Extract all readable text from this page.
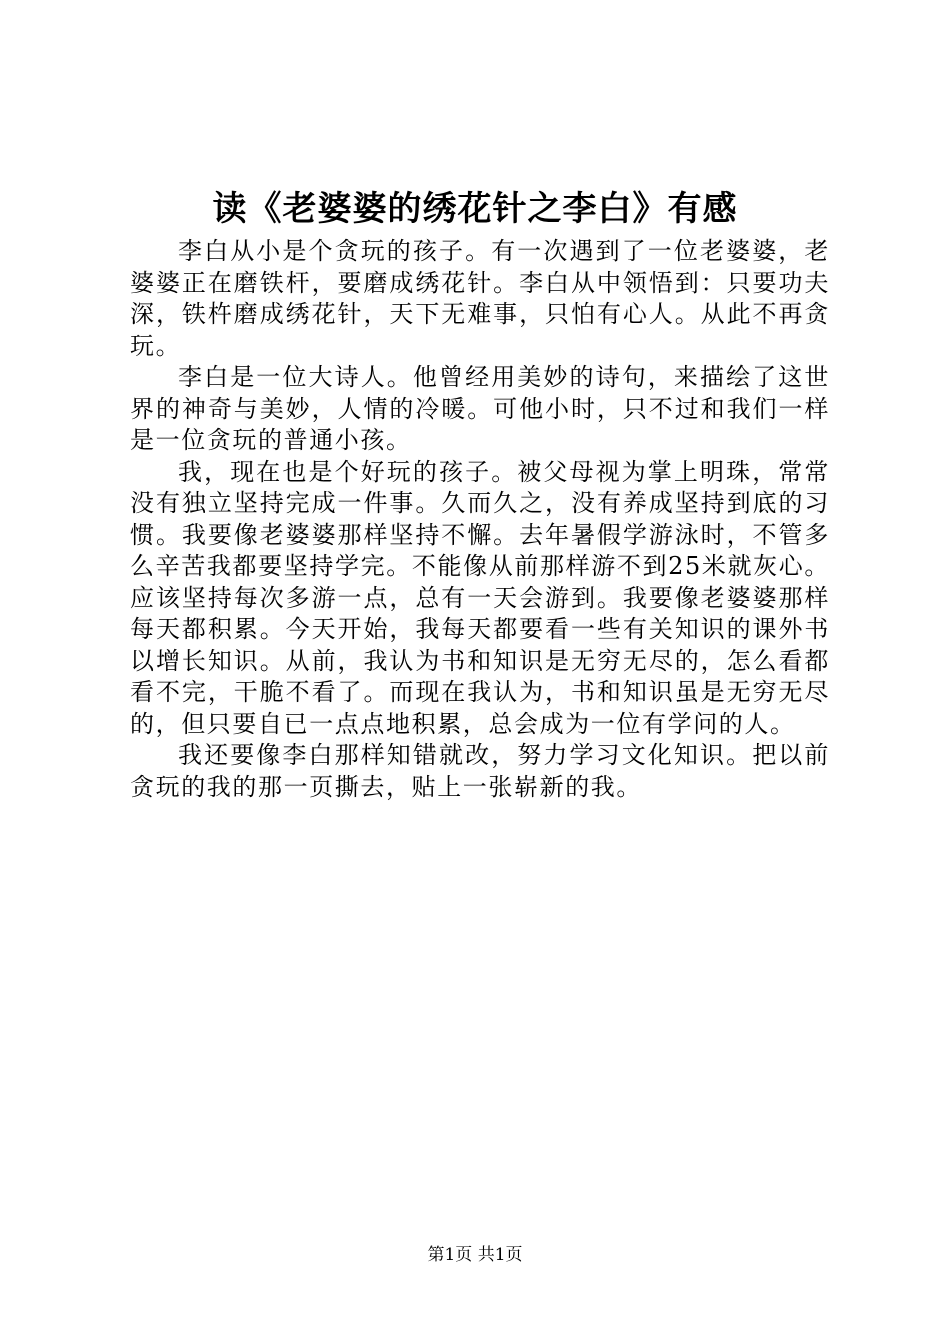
读《老婆婆的绣花针之李白》有感

李白从小是个贪玩的孩子。有一次遇到了一位老婆婆，老婆婆正在磨铁杆，要磨成绣花针。李白从中领悟到：只要功夫深，铁杵磨成绣花针，天下无难事，只怕有心人。从此不再贪玩。

李白是一位大诗人。他曾经用美妙的诗句，来描绘了这世界的神奇与美妙，人情的冷暖。可他小时，只不过和我们一样是一位贪玩的普通小孩。

我，现在也是个好玩的孩子。被父母视为掌上明珠，常常没有独立坚持完成一件事。久而久之，没有养成坚持到底的习惯。我要像老婆婆那样坚持不懈。去年暑假学游泳时，不管多么辛苦我都要坚持学完。不能像从前那样游不到25米就灰心。应该坚持每次多游一点，总有一天会游到。我要像老婆婆那样每天都积累。今天开始，我每天都要看一些有关知识的课外书以增长知识。从前，我认为书和知识是无穷无尽的，怎么看都看不完，干脆不看了。而现在我认为，书和知识虽是无穷无尽的，但只要自已一点点地积累，总会成为一位有学问的人。

我还要像李白那样知错就改，努力学习文化知识。把以前贪玩的我的那一页撕去，贴上一张崭新的我。

第1页 共1页
